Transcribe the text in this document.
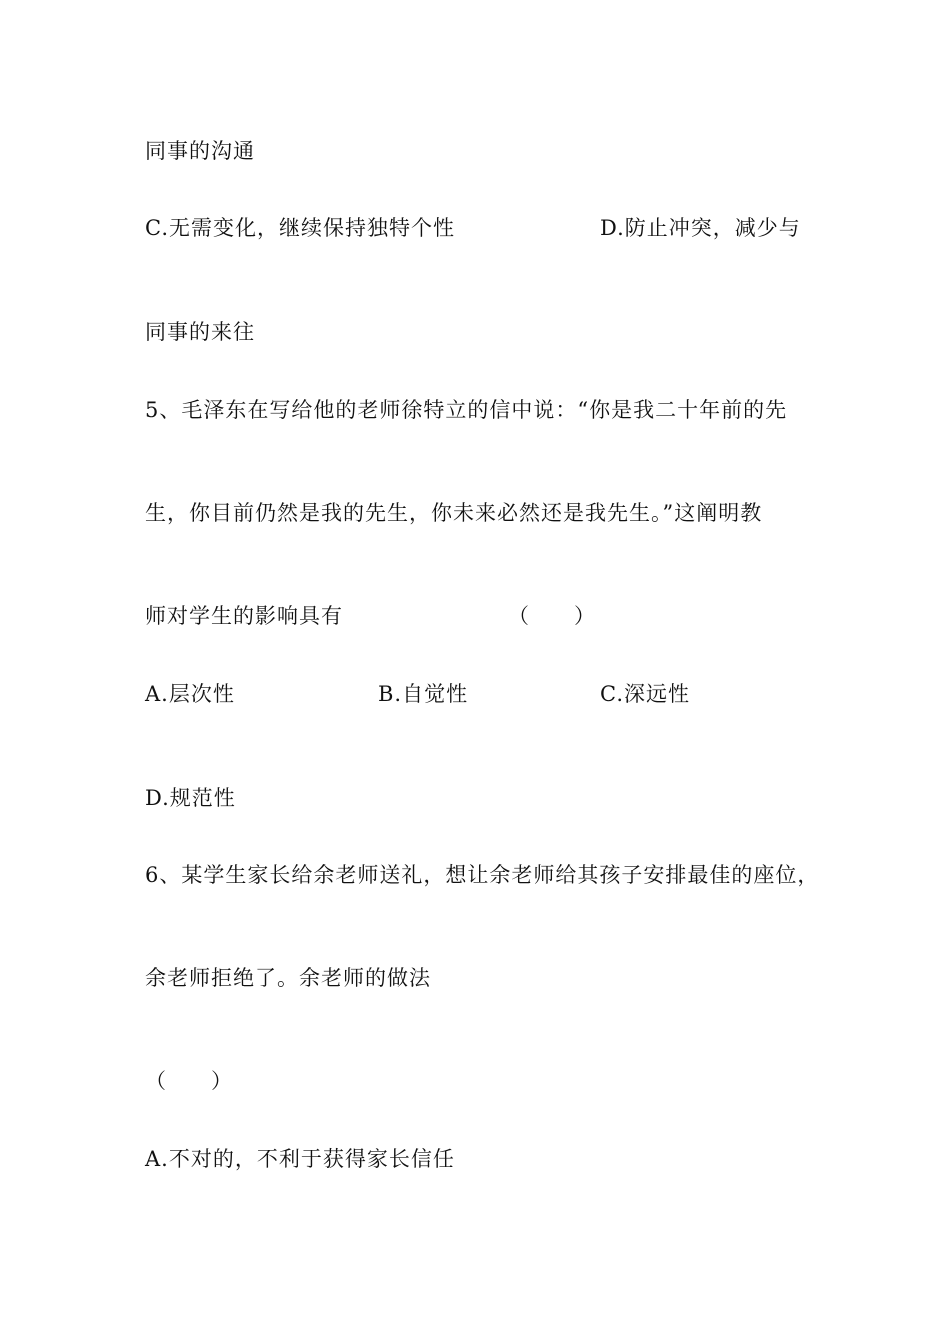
同事的沟通
C.无需变化，继续保持独特个性	D.防止冲突，减少与
同事的来往
5、毛泽东在写给他的老师徐特立的信中说：“你是我二十年前的先
生，你目前仍然是我的先生，你未来必然还是我先生。”这阐明教
师对学生的影响具有	（　　）
A.层次性	B.自觉性	C.深远性
D.规范性
6、某学生家长给余老师送礼，想让余老师给其孩子安排最佳的座位，
余老师拒绝了。余老师的做法
（　　）
A.不对的，不利于获得家长信任
